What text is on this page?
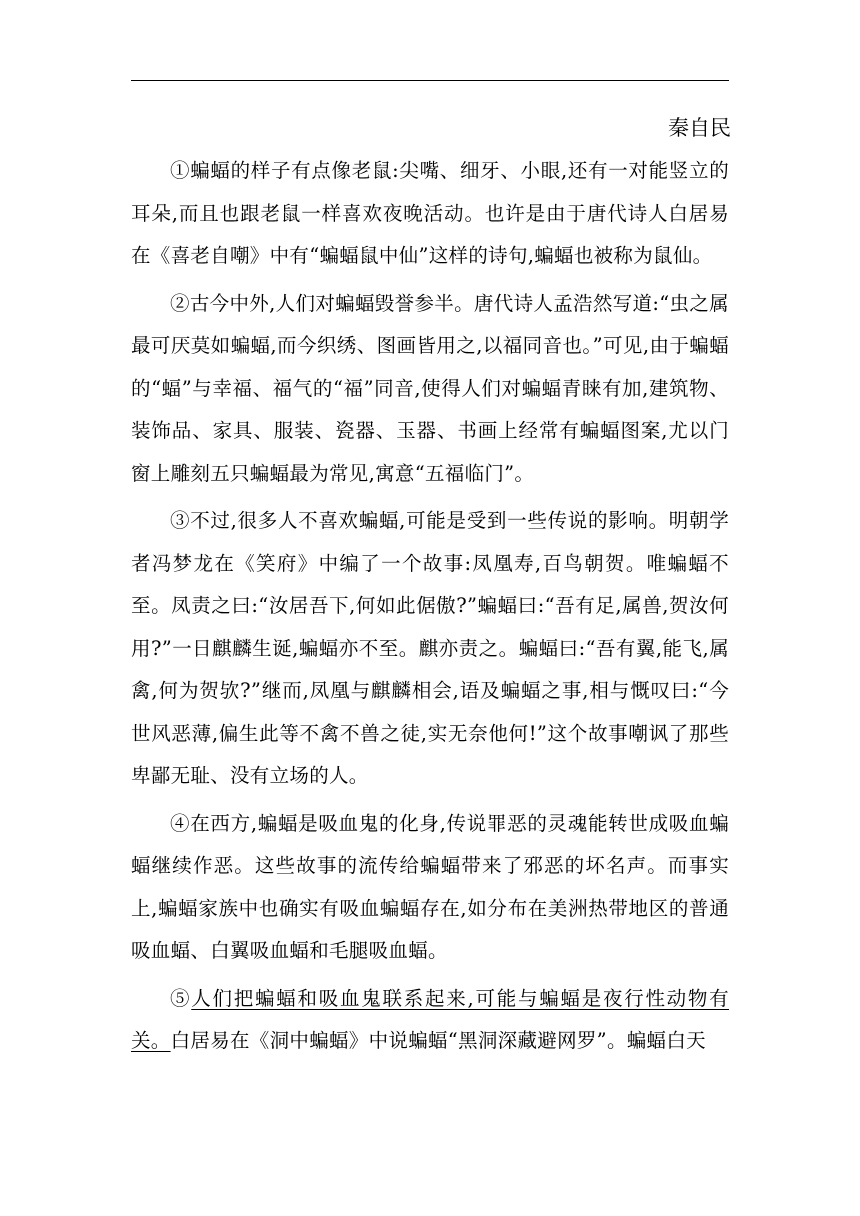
秦自民

①蝙蝠的样子有点像老鼠:尖嘴、细牙、小眼,还有一对能竖立的耳朵,而且也跟老鼠一样喜欢夜晚活动。也许是由于唐代诗人白居易在《喜老自嘲》中有“蝙蝠鼠中仙”这样的诗句,蝙蝠也被称为鼠仙。

②古今中外,人们对蝙蝠毁誉参半。唐代诗人孟浩然写道:“虫之属最可厌莫如蝙蝠,而今织绣、图画皆用之,以福同音也。”可见,由于蝙蝠的“蝠”与幸福、福气的“福”同音,使得人们对蝙蝠青睐有加,建筑物、装饰品、家具、服装、瓷器、玉器、书画上经常有蝙蝠图案,尤以门窗上雕刻五只蝙蝠最为常见,寓意“五福临门”。

③不过,很多人不喜欢蝙蝠,可能是受到一些传说的影响。明朝学者冯梦龙在《笑府》中编了一个故事:凤凰寿,百鸟朝贺。唯蝙蝠不至。凤责之曰:“汝居吾下,何如此倨傲?”蝙蝠曰:“吾有足,属兽,贺汝何用?”一日麒麟生诞,蝙蝠亦不至。麒亦责之。蝙蝠曰:“吾有翼,能飞,属禽,何为贺欤?”继而,凤凰与麒麟相会,语及蝙蝠之事,相与慨叹曰:“今世风恶薄,偏生此等不禽不兽之徒,实无奈他何!”这个故事嘲讽了那些卑鄙无耻、没有立场的人。

④在西方,蝙蝠是吸血鬼的化身,传说罪恶的灵魂能转世成吸血蝙蝠继续作恶。这些故事的流传给蝙蝠带来了邪恶的坏名声。而事实上,蝙蝠家族中也确实有吸血蝙蝠存在,如分布在美洲热带地区的普通吸血蝠、白翼吸血蝠和毛腿吸血蝠。

⑤人们把蝙蝠和吸血鬼联系起来,可能与蝙蝠是夜行性动物有关。白居易在《洞中蝙蝠》中说蝙蝠“黑洞深藏避网罗”。蝙蝠白天
